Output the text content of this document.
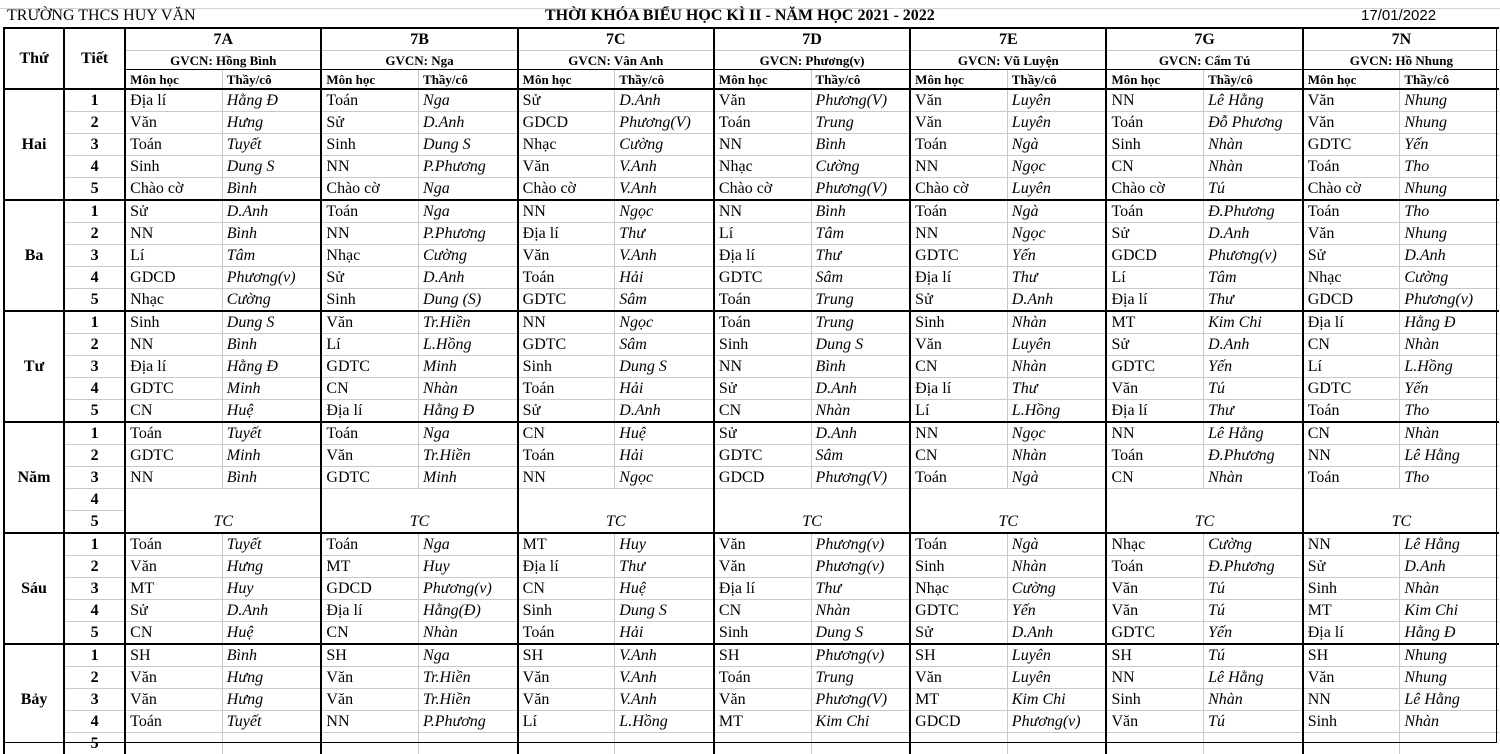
TRƯỜNG THCS HUY VĂN	THỜI KHÓA BIỂU HỌC KÌ II - NĂM HỌC 2021 - 2022	17/01/2022
Thứ	Tiết	7A		7B		7C		7D		7E		7G		7N	
		GVCN: Hồng Bình		GVCN: Nga		GVCN: Vân Anh		GVCN: Phương(v)		GVCN: Vũ Luyện		GVCN: Cẩm Tú		GVCN: Hồ Nhung	
		Môn học	Thầy/cô	Môn học	Thầy/cô	Môn học	Thầy/cô	Môn học	Thầy/cô	Môn học	Thầy/cô	Môn học	Thầy/cô	Môn học	Thầy/cô
Hai	1	Địa lí	Hằng Đ	Toán	Nga	Sử	D.Anh	Văn	Phương(V)	Văn	Luyên	NN	Lê Hằng	Văn	Nhung
	2	Văn	Hưng	Sử	D.Anh	GDCD	Phương(V)	Toán	Trung	Văn	Luyên	Toán	Đỗ Phương	Văn	Nhung
	3	Toán	Tuyết	Sinh	Dung S	Nhạc	Cường	NN	Bình	Toán	Ngà	Sinh	Nhàn	GDTC	Yến
	4	Sinh	Dung S	NN	P.Phương	Văn	V.Anh	Nhạc	Cường	NN	Ngọc	CN	Nhàn	Toán	Tho
	5	Chào cờ	Bình	Chào cờ	Nga	Chào cờ	V.Anh	Chào cờ	Phương(V)	Chào cờ	Luyên	Chào cờ	Tú	Chào cờ	Nhung
Ba	1	Sử	D.Anh	Toán	Nga	NN	Ngọc	NN	Bình	Toán	Ngà	Toán	Đ.Phương	Toán	Tho
	2	NN	Bình	NN	P.Phương	Địa lí	Thư	Lí	Tâm	NN	Ngọc	Sử	D.Anh	Văn	Nhung
	3	Lí	Tâm	Nhạc	Cường	Văn	V.Anh	Địa lí	Thư	GDTC	Yến	GDCD	Phương(v)	Sử	D.Anh
	4	GDCD	Phương(v)	Sử	D.Anh	Toán	Hải	GDTC	Sâm	Địa lí	Thư	Lí	Tâm	Nhạc	Cường
	5	Nhạc	Cường	Sinh	Dung (S)	GDTC	Sâm	Toán	Trung	Sử	D.Anh	Địa lí	Thư	GDCD	Phương(v)
Tư	1	Sinh	Dung S	Văn	Tr.Hiền	NN	Ngọc	Toán	Trung	Sinh	Nhàn	MT	Kim Chi	Địa lí	Hằng Đ
	2	NN	Bình	Lí	L.Hồng	GDTC	Sâm	Sinh	Dung S	Văn	Luyên	Sử	D.Anh	CN	Nhàn
	3	Địa lí	Hằng Đ	GDTC	Minh	Sinh	Dung S	NN	Bình	CN	Nhàn	GDTC	Yến	Lí	L.Hồng
	4	GDTC	Minh	CN	Nhàn	Toán	Hải	Sử	D.Anh	Địa lí	Thư	Văn	Tú	GDTC	Yến
	5	CN	Huệ	Địa lí	Hằng Đ	Sử	D.Anh	CN	Nhàn	Lí	L.Hồng	Địa lí	Thư	Toán	Tho
Năm	1	Toán	Tuyết	Toán	Nga	CN	Huệ	Sử	D.Anh	NN	Ngọc	NN	Lê Hằng	CN	Nhàn
	2	GDTC	Minh	Văn	Tr.Hiền	Toán	Hải	GDTC	Sâm	CN	Nhàn	Toán	Đ.Phương	NN	Lê Hằng
	3	NN	Bình	GDTC	Minh	NN	Ngọc	GDCD	Phương(V)	Toán	Ngà	CN	Nhàn	Toán	Tho
	4	TC		TC		TC		TC		TC		TC		TC	
	5														
Sáu	1	Toán	Tuyết	Toán	Nga	MT	Huy	Văn	Phương(v)	Toán	Ngà	Nhạc	Cường	NN	Lê Hằng
	2	Văn	Hưng	MT	Huy	Địa lí	Thư	Văn	Phương(v)	Sinh	Nhàn	Toán	Đ.Phương	Sử	D.Anh
	3	MT	Huy	GDCD	Phương(v)	CN	Huệ	Địa lí	Thư	Nhạc	Cường	Văn	Tú	Sinh	Nhàn
	4	Sử	D.Anh	Địa lí	Hằng(Đ)	Sinh	Dung S	CN	Nhàn	GDTC	Yến	Văn	Tú	MT	Kim Chi
	5	CN	Huệ	CN	Nhàn	Toán	Hải	Sinh	Dung S	Sử	D.Anh	GDTC	Yến	Địa lí	Hằng Đ
Bảy	1	SH	Bình	SH	Nga	SH	V.Anh	SH	Phương(v)	SH	Luyên	SH	Tú	SH	Nhung
	2	Văn	Hưng	Văn	Tr.Hiền	Văn	V.Anh	Toán	Trung	Văn	Luyên	NN	Lê Hằng	Văn	Nhung
	3	Văn	Hưng	Văn	Tr.Hiền	Văn	V.Anh	Văn	Phương(V)	MT	Kim Chi	Sinh	Nhàn	NN	Lê Hằng
	4	Toán	Tuyết	NN	P.Phương	Lí	L.Hồng	MT	Kim Chi	GDCD	Phương(v)	Văn	Tú	Sinh	Nhàn
	5														
